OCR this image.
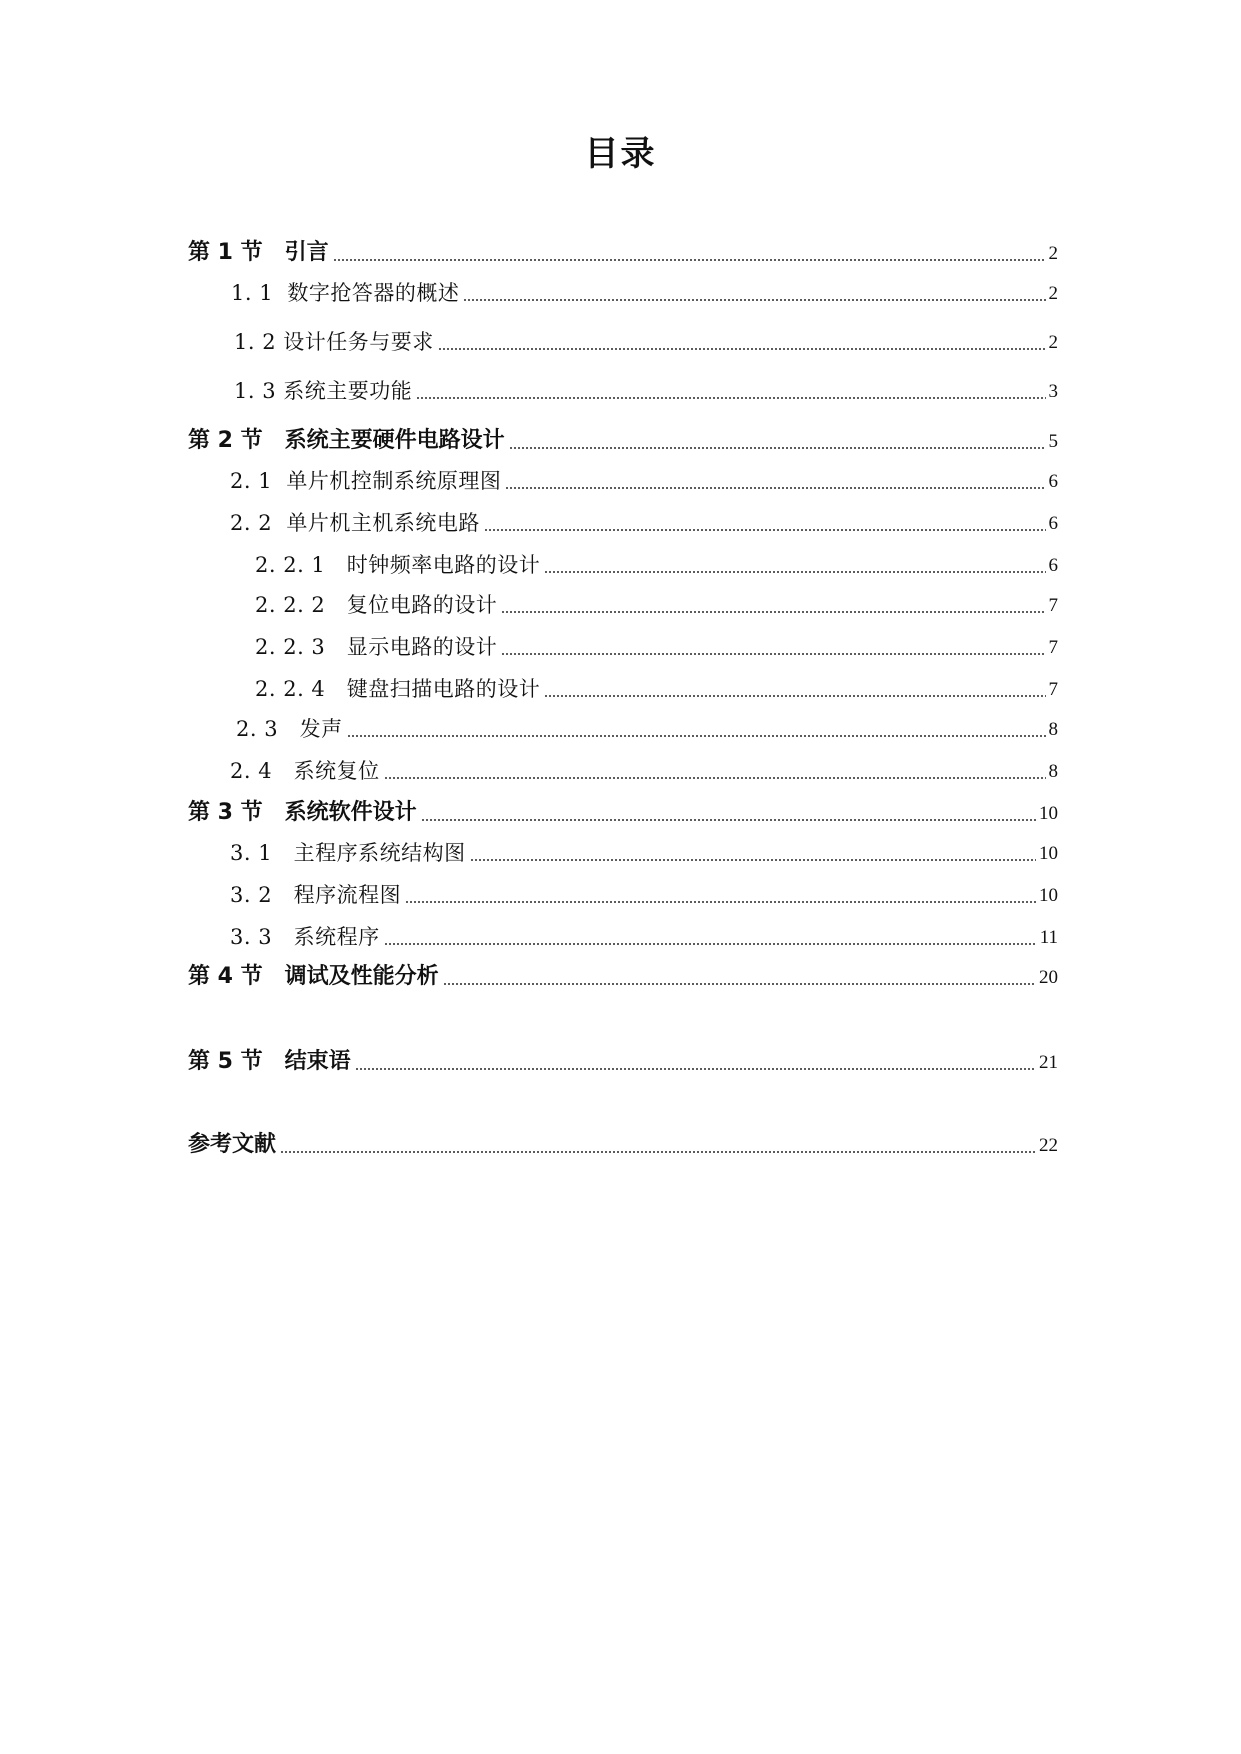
目录
第 1 节　引言	2
1. 1  数字抢答器的概述	2
1. 2 设计任务与要求	2
1. 3 系统主要功能	3
第 2 节　系统主要硬件电路设计	5
2. 1  单片机控制系统原理图	6
2. 2  单片机主机系统电路	6
2. 2. 1　时钟频率电路的设计	6
2. 2. 2　复位电路的设计	7
2. 2. 3　显示电路的设计	7
2. 2. 4　键盘扫描电路的设计	7
2. 3　发声	8
2. 4　系统复位	8
第 3 节　系统软件设计	10
3. 1　主程序系统结构图	10
3. 2　程序流程图	10
3. 3　系统程序	11
第 4 节　调试及性能分析	20
第 5 节　结束语	21
参考文献	22
